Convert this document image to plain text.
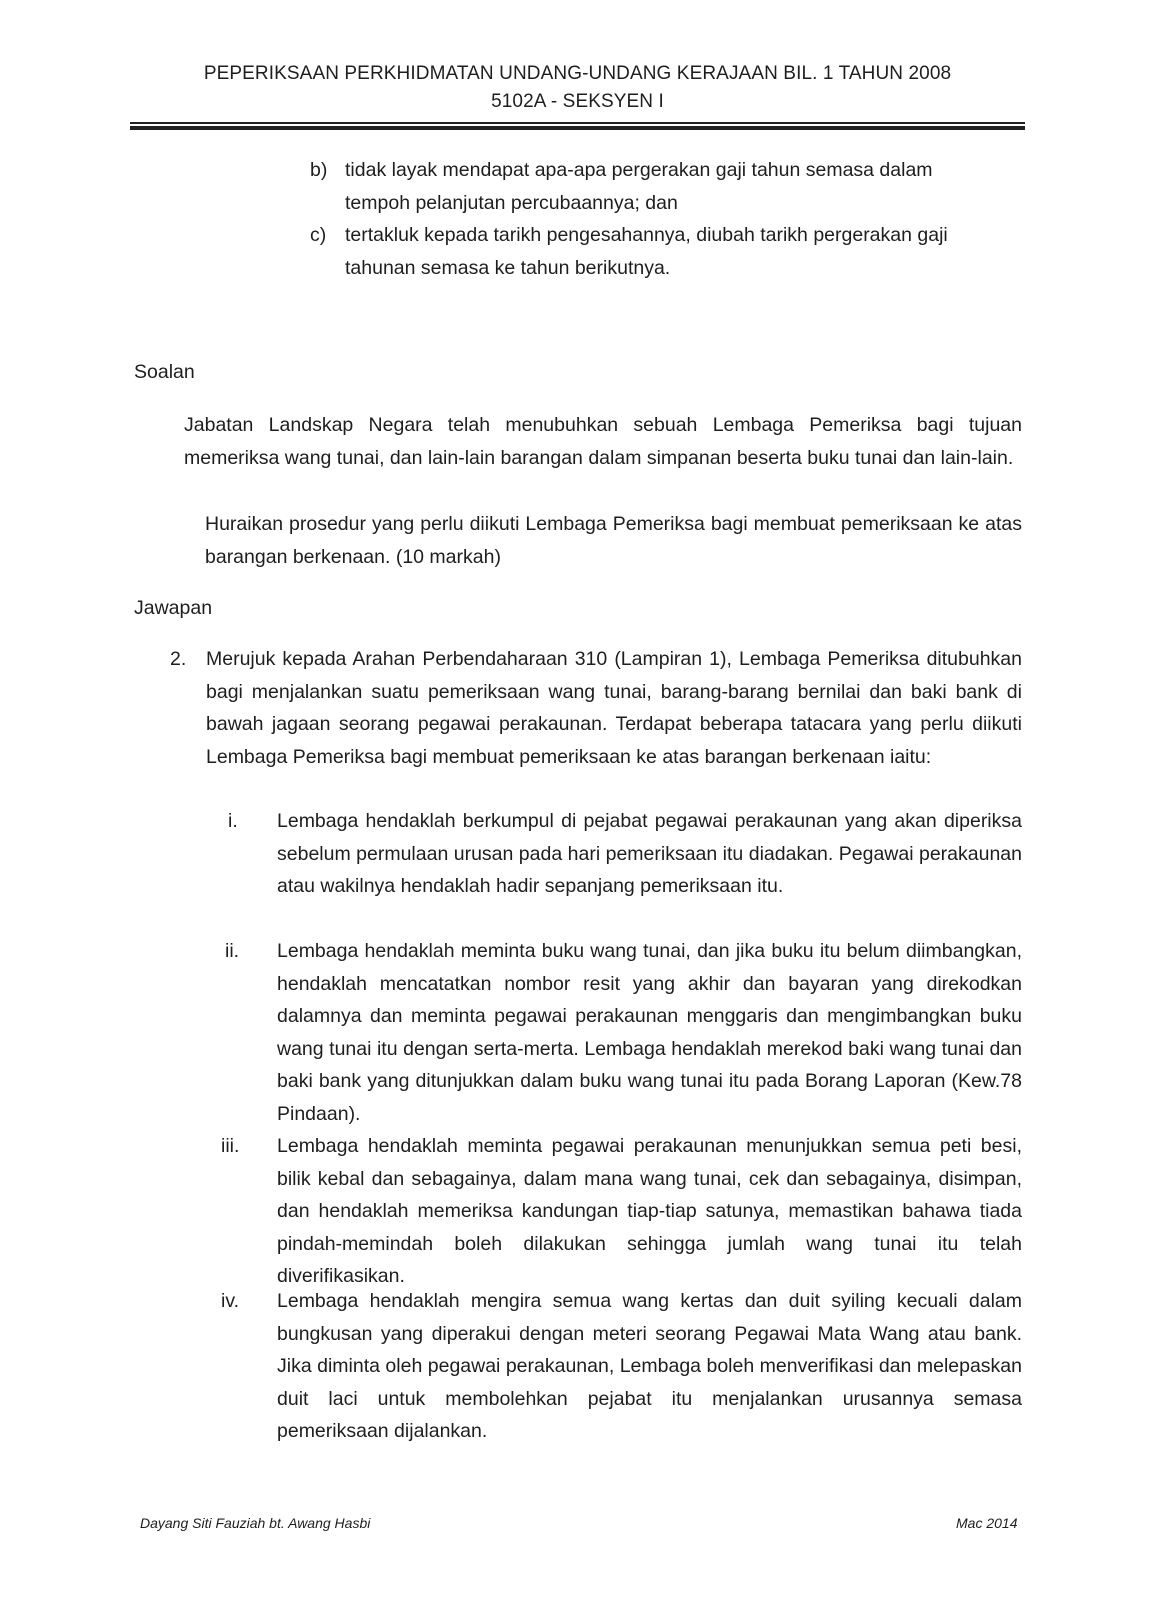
PEPERIKSAAN PERKHIDMATAN UNDANG-UNDANG KERAJAAN BIL. 1 TAHUN 2008
5102A - SEKSYEN I
b) tidak layak mendapat apa-apa pergerakan gaji tahun semasa dalam tempoh pelanjutan percubaannya; dan
c) tertakluk kepada tarikh pengesahannya, diubah tarikh pergerakan gaji tahunan semasa ke tahun berikutnya.
Soalan
Jabatan Landskap Negara telah menubuhkan sebuah Lembaga Pemeriksa bagi tujuan memeriksa wang tunai, dan lain-lain barangan dalam simpanan beserta buku tunai dan lain-lain.
Huraikan prosedur yang perlu diikuti Lembaga Pemeriksa bagi membuat pemeriksaan ke atas barangan berkenaan. (10 markah)
Jawapan
2. Merujuk kepada Arahan Perbendaharaan 310 (Lampiran 1), Lembaga Pemeriksa ditubuhkan bagi menjalankan suatu pemeriksaan wang tunai, barang-barang bernilai dan baki bank di bawah jagaan seorang pegawai perakaunan. Terdapat beberapa tatacara yang perlu diikuti Lembaga Pemeriksa bagi membuat pemeriksaan ke atas barangan berkenaan iaitu:
i. Lembaga hendaklah berkumpul di pejabat pegawai perakaunan yang akan diperiksa sebelum permulaan urusan pada hari pemeriksaan itu diadakan. Pegawai perakaunan atau wakilnya hendaklah hadir sepanjang pemeriksaan itu.
ii. Lembaga hendaklah meminta buku wang tunai, dan jika buku itu belum diimbangkan, hendaklah mencatatkan nombor resit yang akhir dan bayaran yang direkodkan dalamnya dan meminta pegawai perakaunan menggaris dan mengimbangkan buku wang tunai itu dengan serta-merta. Lembaga hendaklah merekod baki wang tunai dan baki bank yang ditunjukkan dalam buku wang tunai itu pada Borang Laporan (Kew.78 Pindaan).
iii. Lembaga hendaklah meminta pegawai perakaunan menunjukkan semua peti besi, bilik kebal dan sebagainya, dalam mana wang tunai, cek dan sebagainya, disimpan, dan hendaklah memeriksa kandungan tiap-tiap satunya, memastikan bahawa tiada pindah-memindah boleh dilakukan sehingga jumlah wang tunai itu telah diverifikasikan.
iv. Lembaga hendaklah mengira semua wang kertas dan duit syiling kecuali dalam bungkusan yang diperakui dengan meteri seorang Pegawai Mata Wang atau bank. Jika diminta oleh pegawai perakaunan, Lembaga boleh menverifikasi dan melepaskan duit laci untuk membolehkan pejabat itu menjalankan urusannya semasa pemeriksaan dijalankan.
Dayang Siti Fauziah bt. Awang Hasbi	Mac 2014
